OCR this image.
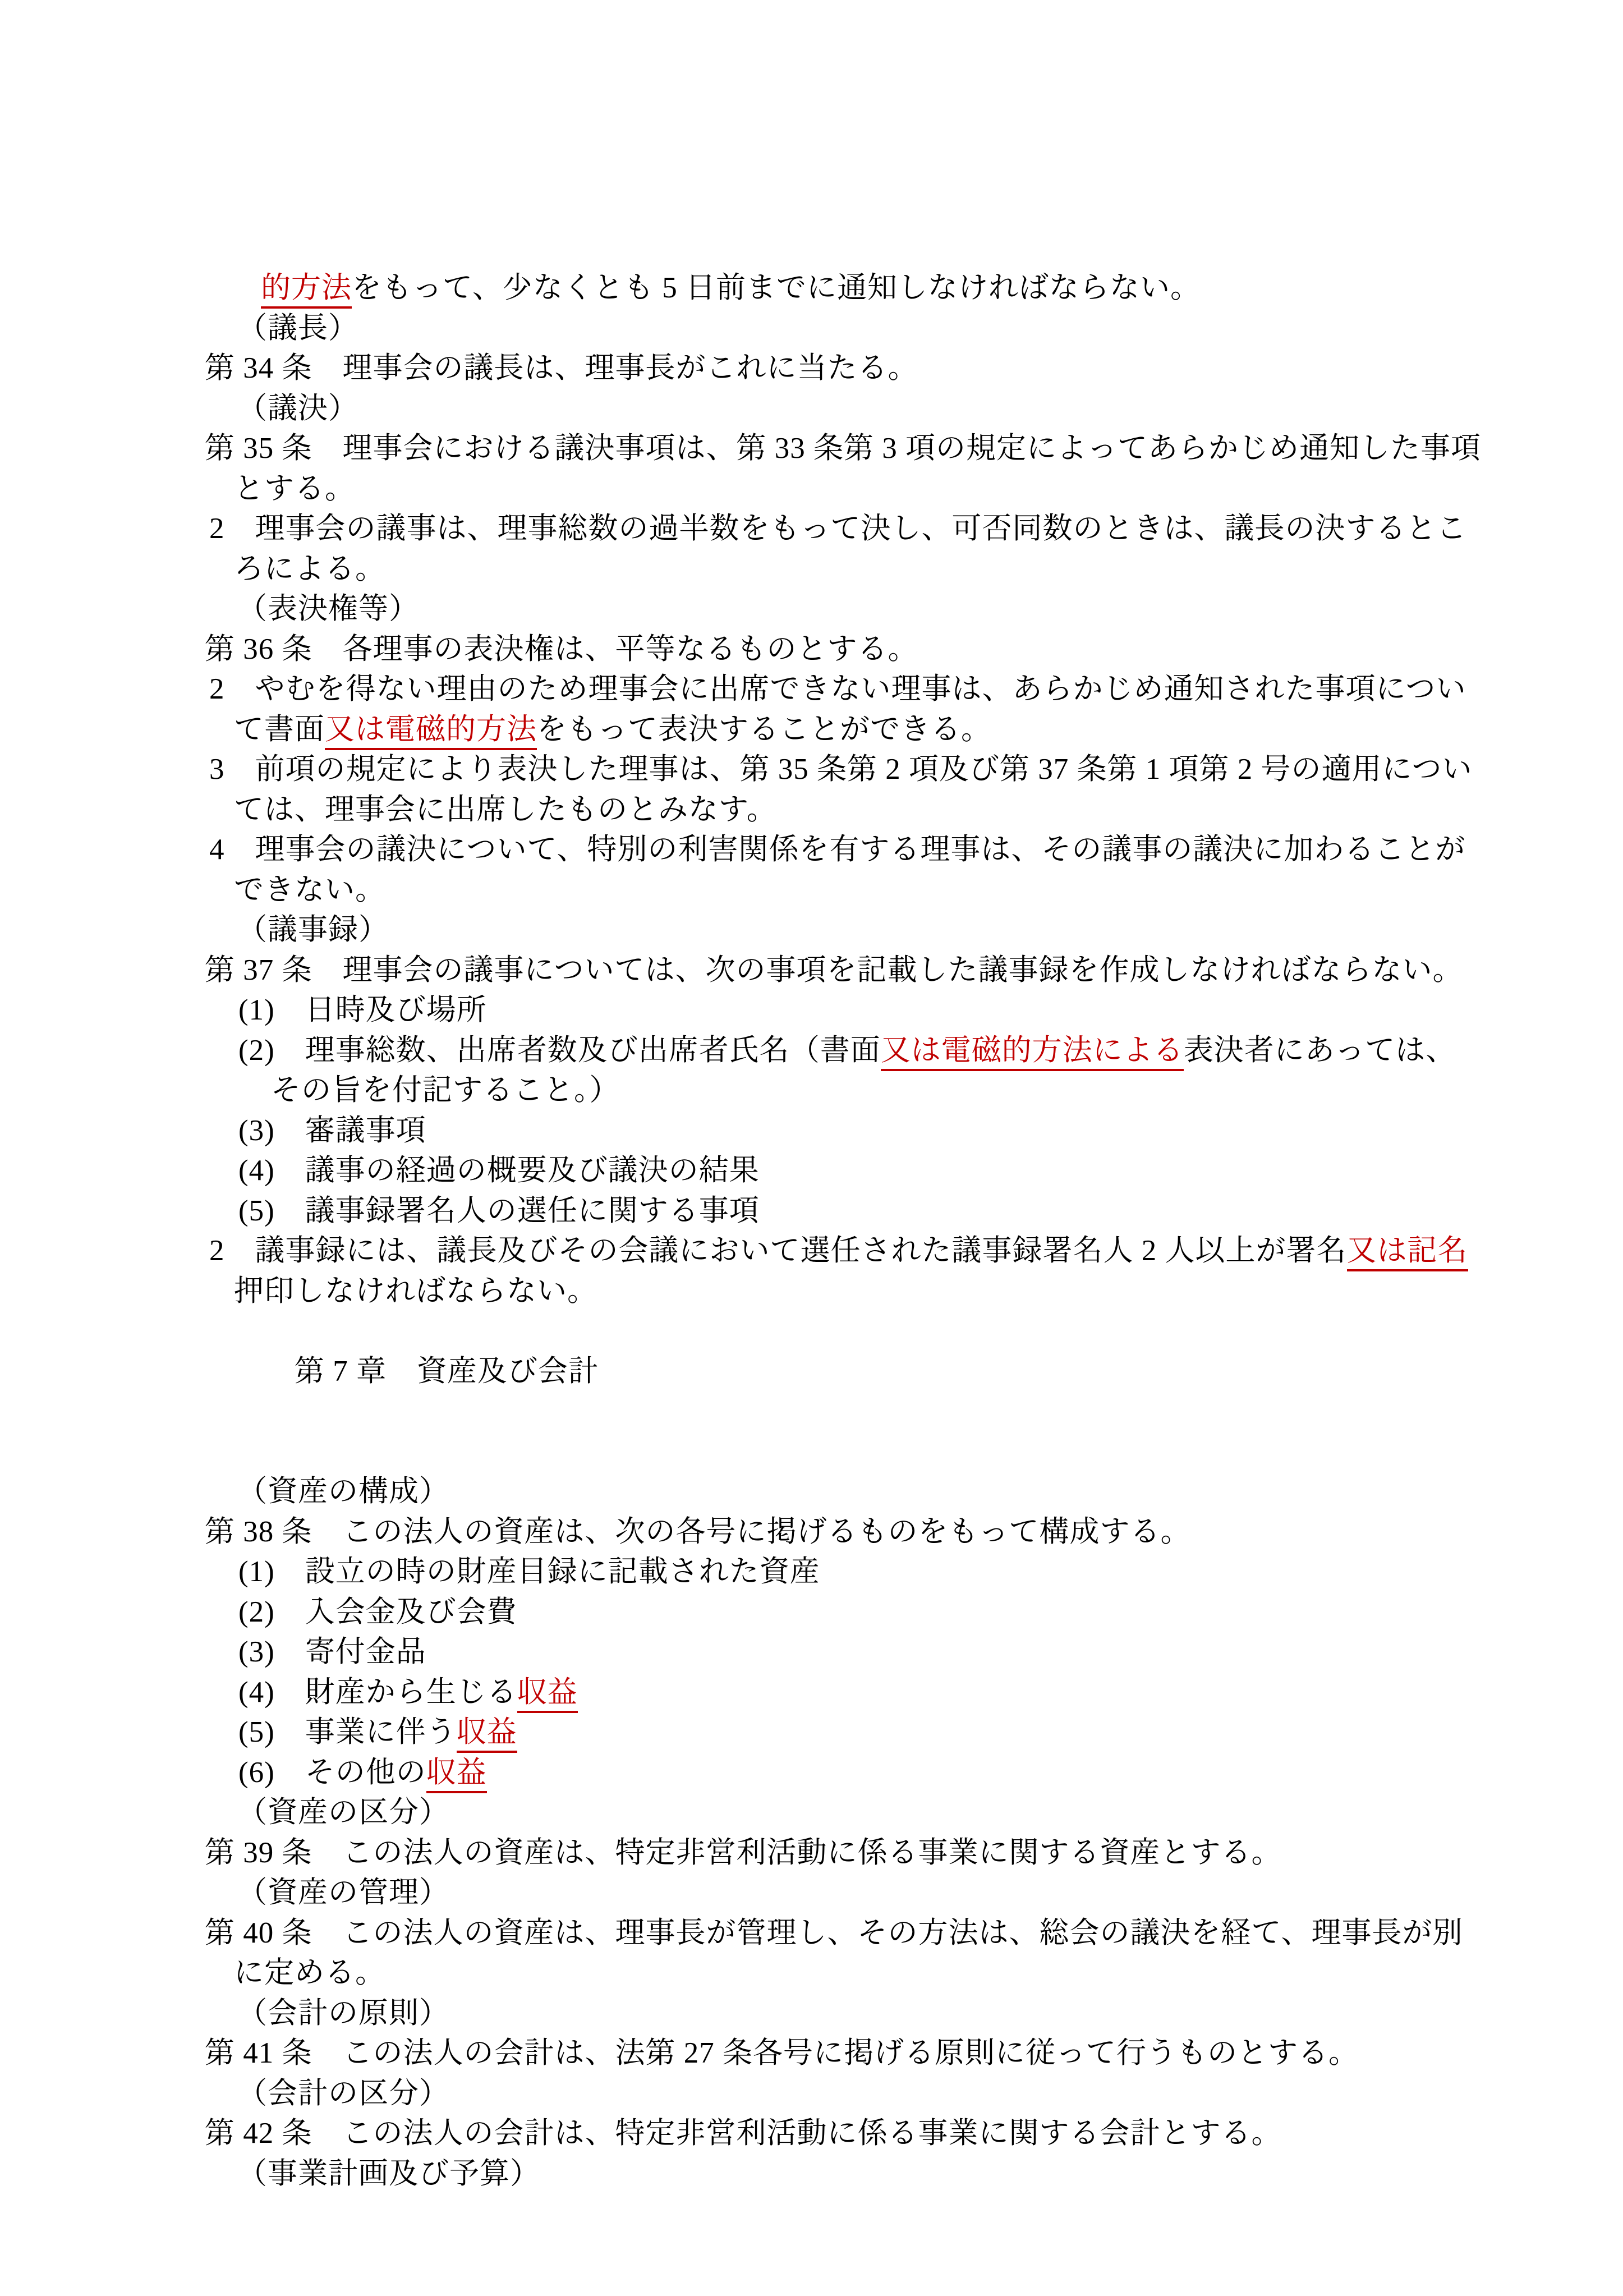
的方法をもって、少なくとも 5 日前までに通知しなければならない。
（議長）
第 34 条　理事会の議長は、理事長がこれに当たる。
（議決）
第 35 条　理事会における議決事項は、第 33 条第 3 項の規定によってあらかじめ通知した事項
とする。
2　理事会の議事は、理事総数の過半数をもって決し、可否同数のときは、議長の決するとこ
ろによる。
（表決権等）
第 36 条　各理事の表決権は、平等なるものとする。
2　やむを得ない理由のため理事会に出席できない理事は、あらかじめ通知された事項につい
て書面又は電磁的方法をもって表決することができる。
3　前項の規定により表決した理事は、第 35 条第 2 項及び第 37 条第 1 項第 2 号の適用につい
ては、理事会に出席したものとみなす。
4　理事会の議決について、特別の利害関係を有する理事は、その議事の議決に加わることが
できない。
（議事録）
第 37 条　理事会の議事については、次の事項を記載した議事録を作成しなければならない。
(1)　日時及び場所
(2)　理事総数、出席者数及び出席者氏名（書面又は電磁的方法による表決者にあっては、
その旨を付記すること。）
(3)　審議事項
(4)　議事の経過の概要及び議決の結果
(5)　議事録署名人の選任に関する事項
2　議事録には、議長及びその会議において選任された議事録署名人 2 人以上が署名又は記名
押印しなければならない。
第 7 章　資産及び会計
（資産の構成）
第 38 条　この法人の資産は、次の各号に掲げるものをもって構成する。
(1)　設立の時の財産目録に記載された資産
(2)　入会金及び会費
(3)　寄付金品
(4)　財産から生じる収益
(5)　事業に伴う収益
(6)　その他の収益
（資産の区分）
第 39 条　この法人の資産は、特定非営利活動に係る事業に関する資産とする。
（資産の管理）
第 40 条　この法人の資産は、理事長が管理し、その方法は、総会の議決を経て、理事長が別
に定める。
（会計の原則）
第 41 条　この法人の会計は、法第 27 条各号に掲げる原則に従って行うものとする。
（会計の区分）
第 42 条　この法人の会計は、特定非営利活動に係る事業に関する会計とする。
（事業計画及び予算）
